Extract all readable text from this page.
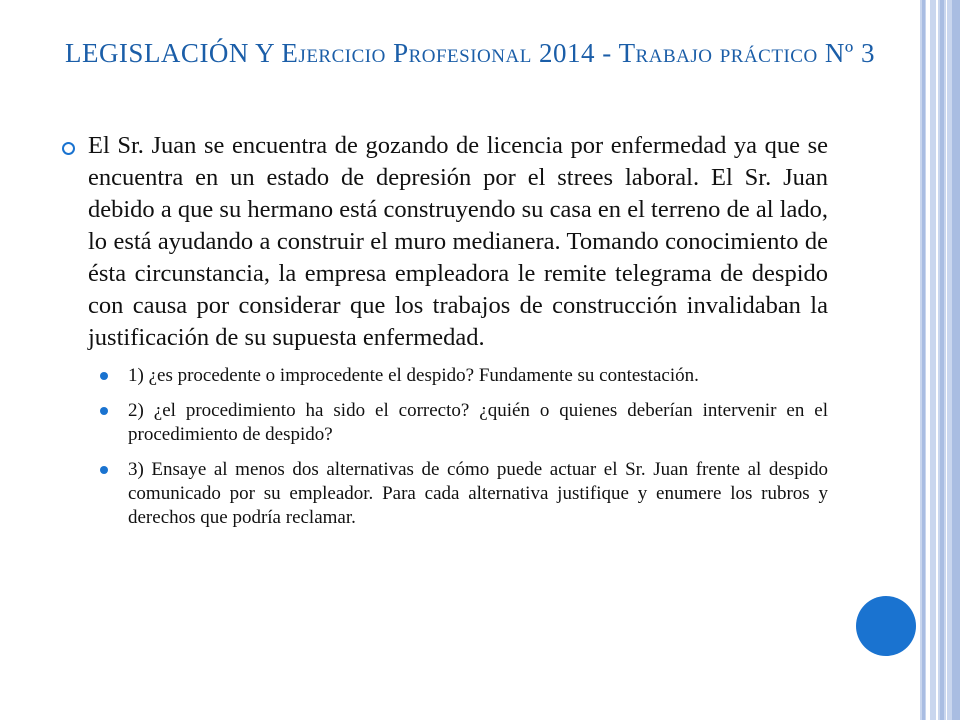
LEGISLACIÓN Y Ejercicio Profesional 2014 - Trabajo práctico Nº 3
El Sr. Juan se encuentra de gozando de licencia por enfermedad ya que se encuentra en un estado de depresión por el strees laboral. El Sr. Juan debido a que su hermano está construyendo su casa en el terreno de al lado, lo está ayudando a construir el muro medianera. Tomando conocimiento de ésta circunstancia, la empresa empleadora le remite telegrama de despido con causa por considerar que los trabajos de construcción invalidaban la justificación de su supuesta enfermedad.
1) ¿es procedente o improcedente el despido? Fundamente su contestación.
2) ¿el procedimiento ha sido el correcto? ¿quién o quienes deberían intervenir en el procedimiento de despido?
3) Ensaye al menos dos alternativas de cómo puede actuar el Sr. Juan frente al despido comunicado por su empleador. Para cada alternativa justifique y enumere los rubros y derechos que podría reclamar.
